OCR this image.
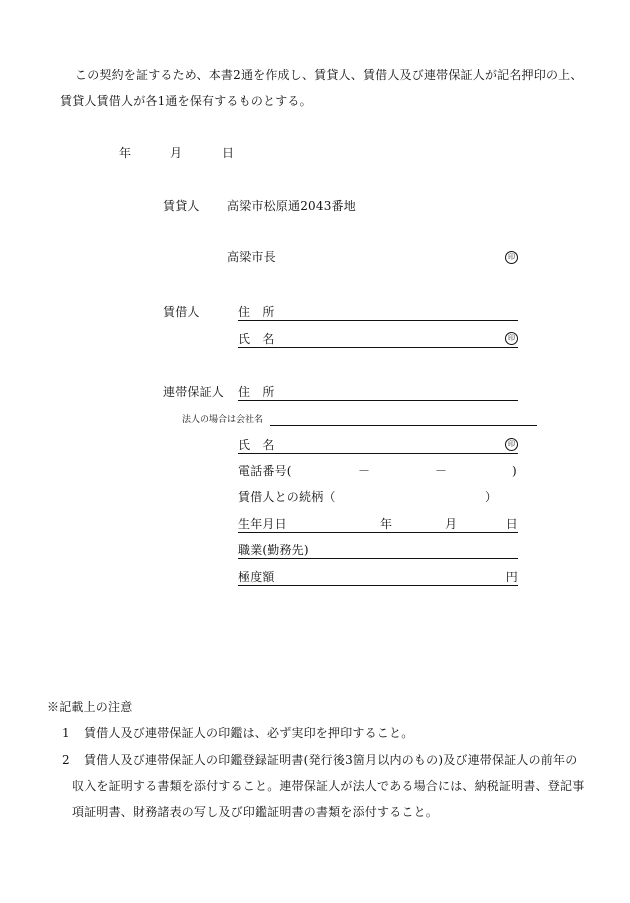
この契約を証するため、本書2通を作成し、賃貸人、賃借人及び連帯保証人が記名押印の上、
賃貸人賃借人が各1通を保有するものとする。
年	月	日
賃貸人 高梁市松原通2043番地
高梁市長	印
賃借人	住　所
氏　名	印
連帯保証人 住　所
法人の場合は会社名
氏　名	印
電話番号(	－	－	)
賃借人との続柄（	）
生年月日	年	月	日
職業(勤務先)
極度額	円
※記載上の注意
1 賃借人及び連帯保証人の印鑑は、必ず実印を押印すること。
2 賃借人及び連帯保証人の印鑑登録証明書(発行後3箇月以内のもの)及び連帯保証人の前年の
収入を証明する書類を添付すること。連帯保証人が法人である場合には、納税証明書、登記事
項証明書、財務諸表の写し及び印鑑証明書の書類を添付すること。
